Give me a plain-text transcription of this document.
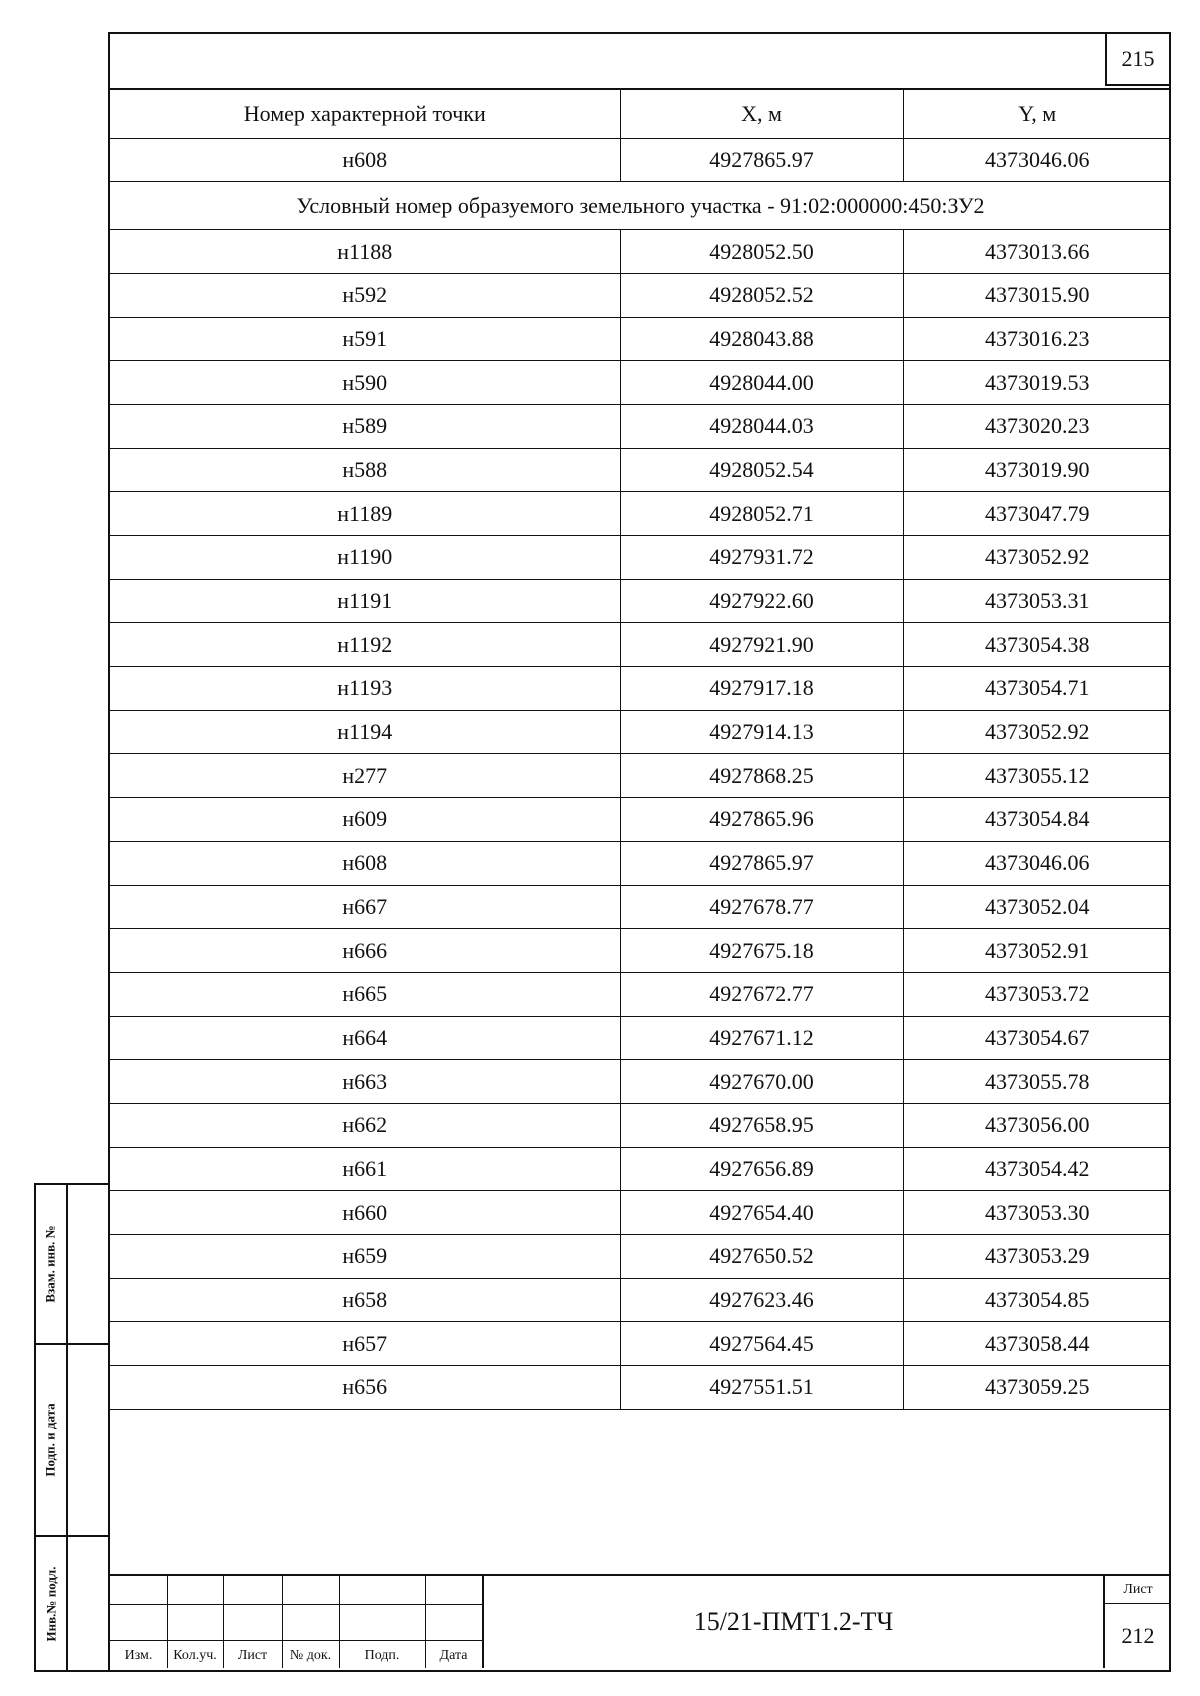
215
Номер характерной точки	X, м	Y, м
н608	4927865.97	4373046.06
Условный номер образуемого земельного участка - 91:02:000000:450:ЗУ2		
н1188	4928052.50	4373013.66
н592	4928052.52	4373015.90
н591	4928043.88	4373016.23
н590	4928044.00	4373019.53
н589	4928044.03	4373020.23
н588	4928052.54	4373019.90
н1189	4928052.71	4373047.79
н1190	4927931.72	4373052.92
н1191	4927922.60	4373053.31
н1192	4927921.90	4373054.38
н1193	4927917.18	4373054.71
н1194	4927914.13	4373052.92
н277	4927868.25	4373055.12
н609	4927865.96	4373054.84
н608	4927865.97	4373046.06
н667	4927678.77	4373052.04
н666	4927675.18	4373052.91
н665	4927672.77	4373053.72
н664	4927671.12	4373054.67
н663	4927670.00	4373055.78
н662	4927658.95	4373056.00
н661	4927656.89	4373054.42
н660	4927654.40	4373053.30
н659	4927650.52	4373053.29
н658	4927623.46	4373054.85
н657	4927564.45	4373058.44
н656	4927551.51	4373059.25
Изм.	Кол.уч.	Лист	№ док.	Подп.	Дата
15/21-ПМТ1.2-ТЧ
Лист
212
Взам. инв. №
Подп. и дата
Инв.№ подл.
